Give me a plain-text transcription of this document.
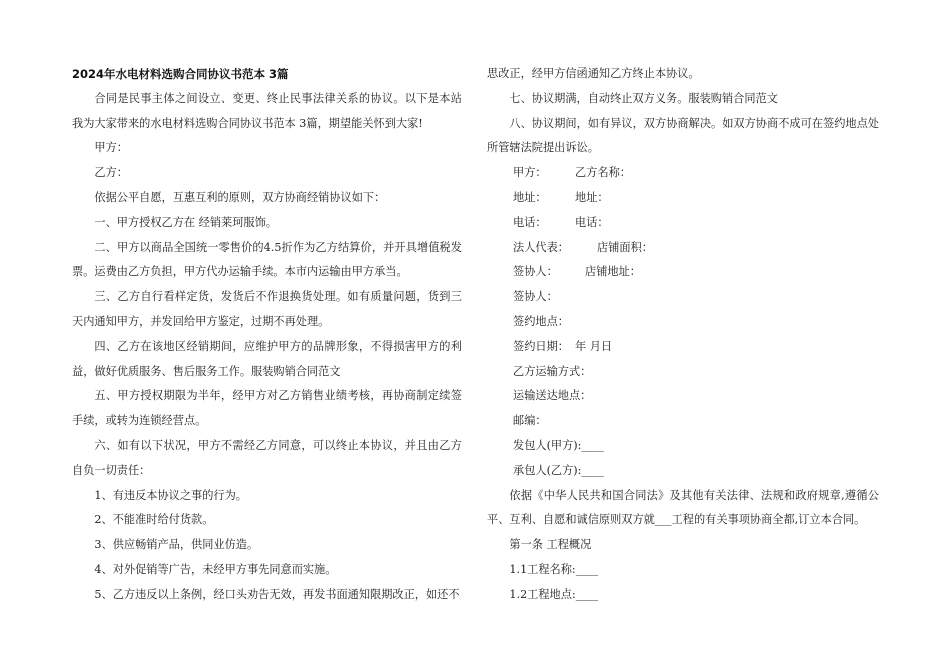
2024年水电材料选购合同协议书范本 3篇

合同是民事主体之间设立、变更、终止民事法律关系的协议。以下是本站我为大家带来的水电材料选购合同协议书范本 3篇，期望能关怀到大家!

甲方：

乙方：

依据公平自愿，互惠互利的原则，双方协商经销协议如下：

一、甲方授权乙方在 经销莱珂服饰。

二、甲方以商品全国统一零售价的4.5折作为乙方结算价，并开具增值税发票。运费由乙方负担，甲方代办运输手续。本市内运输由甲方承当。

三、乙方自行看样定货，发货后不作退换货处理。如有质量问题，货到三天内通知甲方，并发回给甲方鉴定，过期不再处理。

四、乙方在该地区经销期间，应维护甲方的品牌形象，不得损害甲方的利益，做好优质服务、售后服务工作。服装购销合同范文

五、甲方授权期限为半年，经甲方对乙方销售业绩考核，再协商制定续签手续，或转为连锁经营点。

六、如有以下状况，甲方不需经乙方同意，可以终止本协议，并且由乙方自负一切责任：

1、有违反本协议之事的行为。

2、不能准时给付货款。

3、供应畅销产品，供同业仿造。

4、对外促销等广告，未经甲方事先同意而实施。

5、乙方违反以上条例，经口头劝告无效，再发书面通知限期改正，如还不

思改正，经甲方信函通知乙方终止本协议。

七、协议期满，自动终止双方义务。服装购销合同范文

八、协议期间，如有异议，双方协商解决。如双方协商不成可在签约地点处所管辖法院提出诉讼。

甲方：	乙方名称：
地址：	地址：
电话：	电话：
法人代表：	店铺面积：
签协人：	店铺地址：
签协人：
签约地点：
签约日期： 年 月日
乙方运输方式：
运输送达地点：
邮编：
发包人(甲方):____
承包人(乙方):____

依据《中华人民共和国合同法》及其他有关法律、法规和政府规章,遵循公平、互利、自愿和诚信原则双方就___工程的有关事项协商全都,订立本合同。

第一条 工程概况

1.1工程名称:____

1.2工程地点:____
